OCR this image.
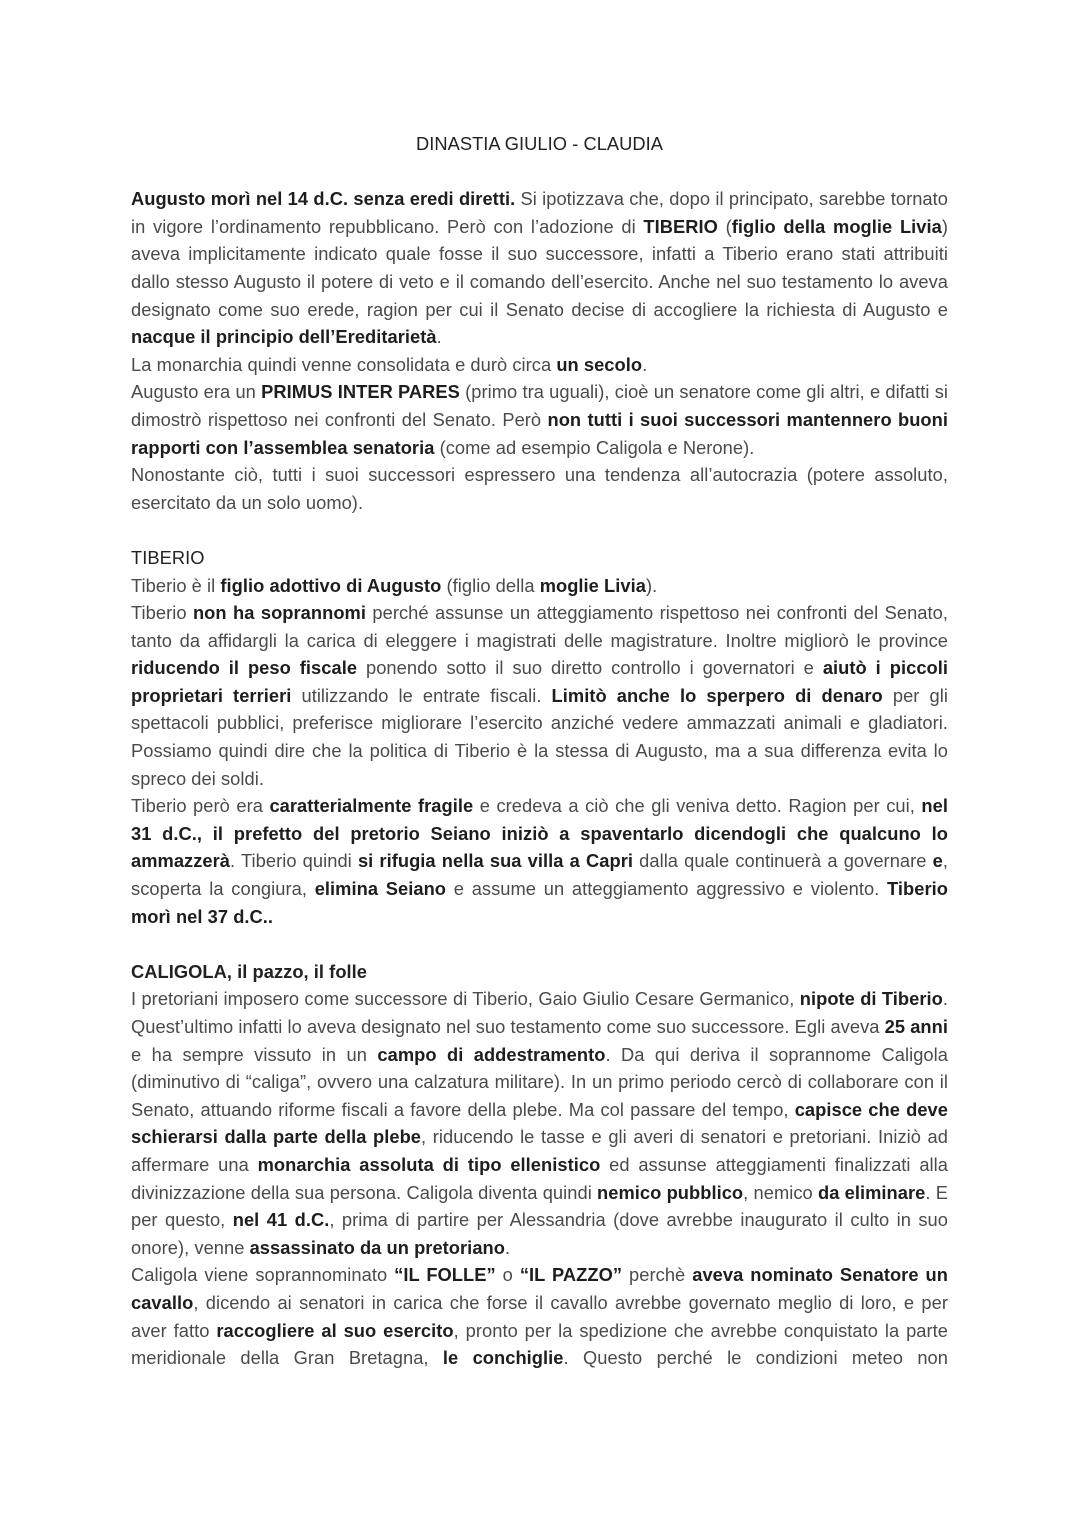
DINASTIA GIULIO - CLAUDIA

Augusto morì nel 14 d.C. senza eredi diretti. Si ipotizzava che, dopo il principato, sarebbe tornato in vigore l’ordinamento repubblicano. Però con l’adozione di TIBERIO (figlio della moglie Livia) aveva implicitamente indicato quale fosse il suo successore, infatti a Tiberio erano stati attribuiti dallo stesso Augusto il potere di veto e il comando dell’esercito. Anche nel suo testamento lo aveva designato come suo erede, ragion per cui il Senato decise di accogliere la richiesta di Augusto e nacque il principio dell’Ereditarietà.

La monarchia quindi venne consolidata e durò circa un secolo.

Augusto era un PRIMUS INTER PARES (primo tra uguali), cioè un senatore come gli altri, e difatti si dimostrò rispettoso nei confronti del Senato. Però non tutti i suoi successori mantennero buoni rapporti con l’assemblea senatoria (come ad esempio Caligola e Nerone).

Nonostante ciò, tutti i suoi successori espressero una tendenza all’autocrazia (potere assoluto, esercitato da un solo uomo).

TIBERIO

Tiberio è il figlio adottivo di Augusto (figlio della moglie Livia).

Tiberio non ha soprannomi perché assunse un atteggiamento rispettoso nei confronti del Senato, tanto da affidargli la carica di eleggere i magistrati delle magistrature. Inoltre migliorò le province riducendo il peso fiscale ponendo sotto il suo diretto controllo i governatori e aiutò i piccoli proprietari terrieri utilizzando le entrate fiscali. Limitò anche lo sperpero di denaro per gli spettacoli pubblici, preferisce migliorare l’esercito anziché vedere ammazzati animali e gladiatori. Possiamo quindi dire che la politica di Tiberio è la stessa di Augusto, ma a sua differenza evita lo spreco dei soldi.

Tiberio però era caratterialmente fragile e credeva a ciò che gli veniva detto. Ragion per cui, nel 31 d.C., il prefetto del pretorio Seiano iniziò a spaventarlo dicendogli che qualcuno lo ammazzerà. Tiberio quindi si rifugia nella sua villa a Capri dalla quale continuerà a governare e, scoperta la congiura, elimina Seiano e assume un atteggiamento aggressivo e violento. Tiberio morì nel 37 d.C..

CALIGOLA, il pazzo, il folle

I pretoriani imposero come successore di Tiberio, Gaio Giulio Cesare Germanico, nipote di Tiberio. Quest’ultimo infatti lo aveva designato nel suo testamento come suo successore. Egli aveva 25 anni e ha sempre vissuto in un campo di addestramento. Da qui deriva il soprannome Caligola (diminutivo di “caliga”, ovvero una calzatura militare). In un primo periodo cercò di collaborare con il Senato, attuando riforme fiscali a favore della plebe. Ma col passare del tempo, capisce che deve schierarsi dalla parte della plebe, riducendo le tasse e gli averi di senatori e pretoriani. Iniziò ad affermare una monarchia assoluta di tipo ellenistico ed assunse atteggiamenti finalizzati alla divinizzazione della sua persona. Caligola diventa quindi nemico pubblico, nemico da eliminare. E per questo, nel 41 d.C., prima di partire per Alessandria (dove avrebbe inaugurato il culto in suo onore), venne assassinato da un pretoriano.

Caligola viene soprannominato “IL FOLLE” o “IL PAZZO” perchè aveva nominato Senatore un cavallo, dicendo ai senatori in carica che forse il cavallo avrebbe governato meglio di loro, e per aver fatto raccogliere al suo esercito, pronto per la spedizione che avrebbe conquistato la parte meridionale della Gran Bretagna, le conchiglie. Questo perché le condizioni meteo non
